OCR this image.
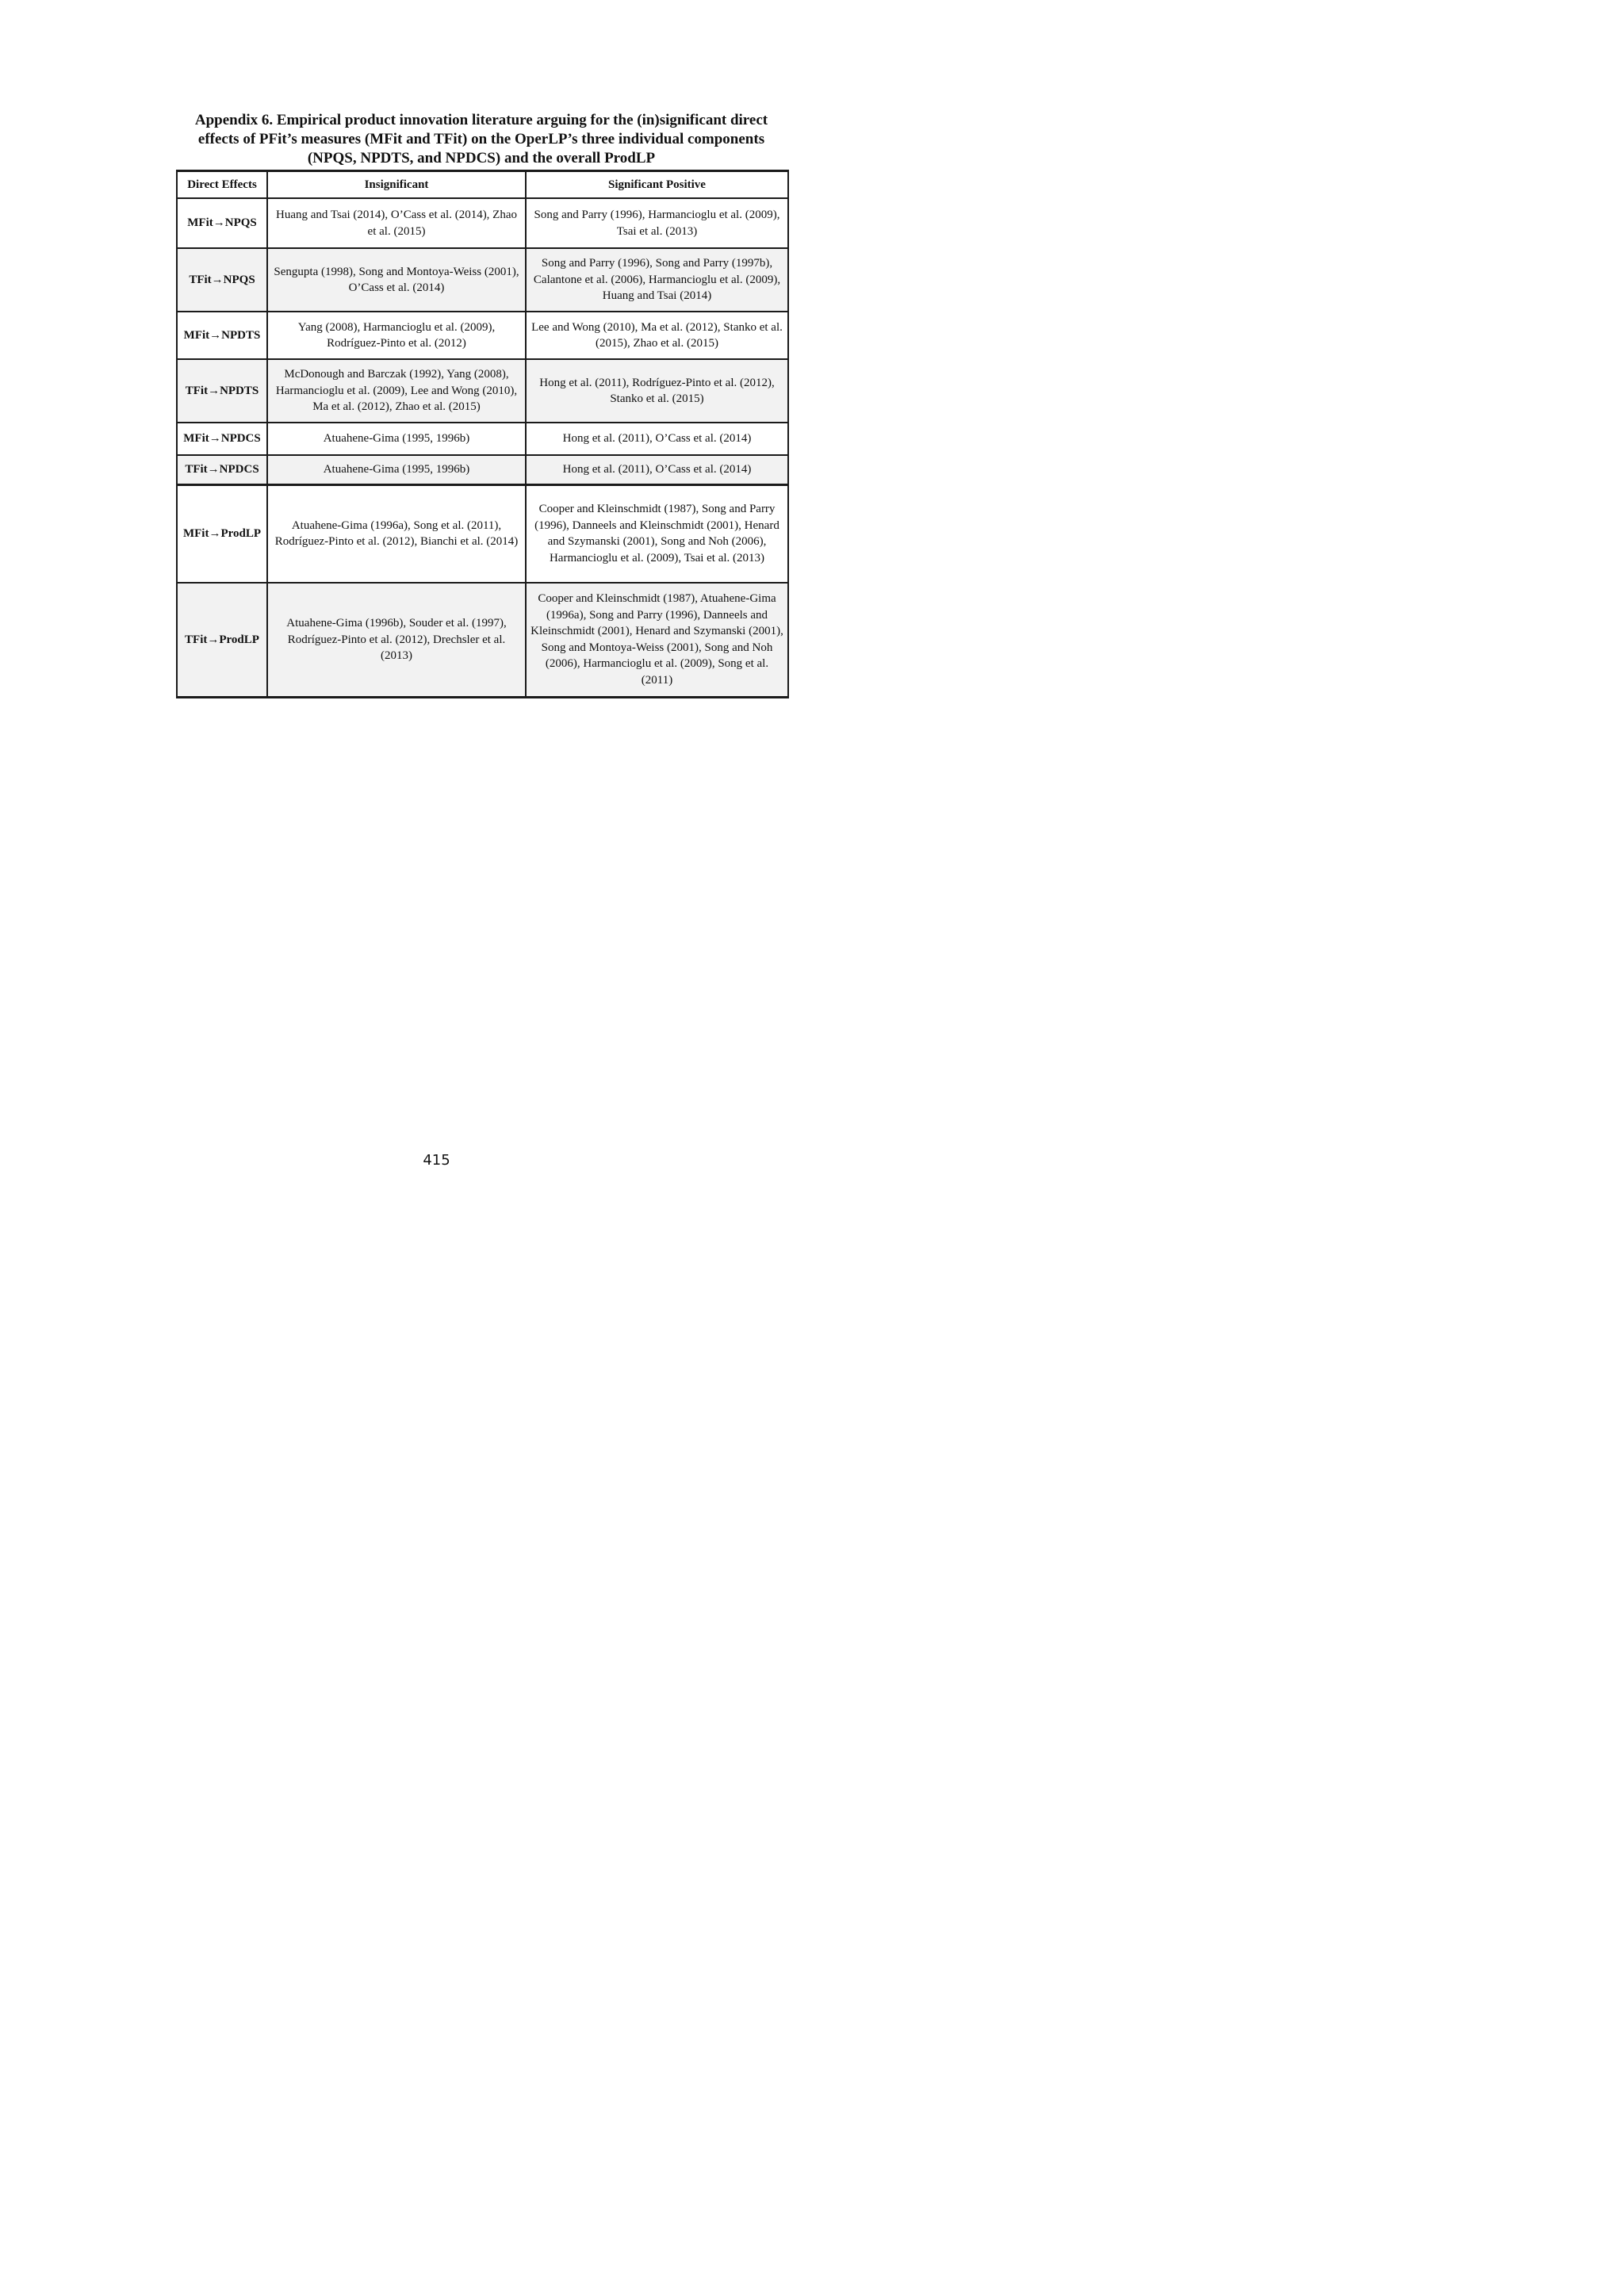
Appendix 6. Empirical product innovation literature arguing for the (in)significant direct
effects of PFit’s measures (MFit and TFit) on the OperLP’s three individual components
(NPQS, NPDTS, and NPDCS) and the overall ProdLP
Direct Effects	Insignificant	Significant Positive
MFit→NPQS	Huang and Tsai (2014), O’Cass et al. (2014), Zhao et al. (2015)	Song and Parry (1996), Harmancioglu et al. (2009), Tsai et al. (2013)
TFit→NPQS	Sengupta (1998), Song and Montoya-Weiss (2001), O’Cass et al. (2014)	Song and Parry (1996), Song and Parry (1997b), Calantone et al. (2006), Harmancioglu et al. (2009), Huang and Tsai (2014)
MFit→NPDTS	Yang (2008), Harmancioglu et al. (2009), Rodríguez-Pinto et al. (2012)	Lee and Wong (2010), Ma et al. (2012), Stanko et al. (2015), Zhao et al. (2015)
TFit→NPDTS	McDonough and Barczak (1992), Yang (2008), Harmancioglu et al. (2009), Lee and Wong (2010), Ma et al. (2012), Zhao et al. (2015)	Hong et al. (2011), Rodríguez-Pinto et al. (2012), Stanko et al. (2015)
MFit→NPDCS	Atuahene-Gima (1995, 1996b)	Hong et al. (2011), O’Cass et al. (2014)
TFit→NPDCS	Atuahene-Gima (1995, 1996b)	Hong et al. (2011), O’Cass et al. (2014)
MFit→ProdLP	Atuahene-Gima (1996a), Song et al. (2011), Rodríguez-Pinto et al. (2012), Bianchi et al. (2014)	Cooper and Kleinschmidt (1987), Song and Parry (1996), Danneels and Kleinschmidt (2001), Henard and Szymanski (2001), Song and Noh (2006), Harmancioglu et al. (2009), Tsai et al. (2013)
TFit→ProdLP	Atuahene-Gima (1996b), Souder et al. (1997), Rodríguez-Pinto et al. (2012), Drechsler et al. (2013)	Cooper and Kleinschmidt (1987), Atuahene-Gima (1996a), Song and Parry (1996), Danneels and Kleinschmidt (2001), Henard and Szymanski (2001), Song and Montoya-Weiss (2001), Song and Noh (2006), Harmancioglu et al. (2009), Song et al. (2011)
415
